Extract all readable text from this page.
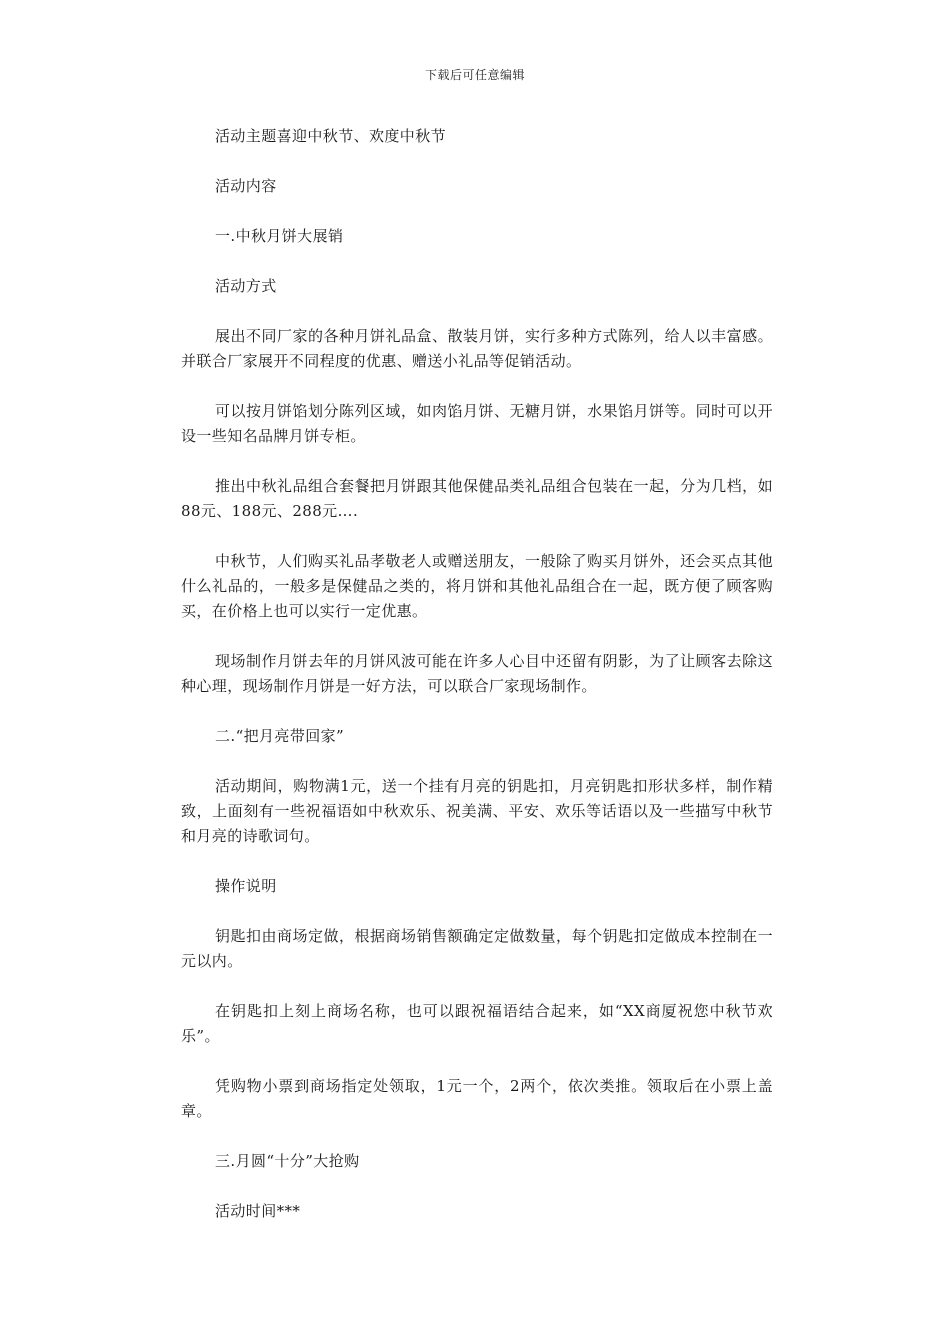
下载后可任意编辑

活动主题喜迎中秋节、欢度中秋节

活动内容

一.中秋月饼大展销

活动方式

展出不同厂家的各种月饼礼品盒、散装月饼，实行多种方式陈列，给人以丰富感。并联合厂家展开不同程度的优惠、赠送小礼品等促销活动。

可以按月饼馅划分陈列区域，如肉馅月饼、无糖月饼，水果馅月饼等。同时可以开设一些知名品牌月饼专柜。

推出中秋礼品组合套餐把月饼跟其他保健品类礼品组合包装在一起，分为几档，如88元、188元、288元….

中秋节，人们购买礼品孝敬老人或赠送朋友，一般除了购买月饼外，还会买点其他什么礼品的，一般多是保健品之类的，将月饼和其他礼品组合在一起，既方便了顾客购买，在价格上也可以实行一定优惠。

现场制作月饼去年的月饼风波可能在许多人心目中还留有阴影，为了让顾客去除这种心理，现场制作月饼是一好方法，可以联合厂家现场制作。

二.“把月亮带回家”

活动期间，购物满1元，送一个挂有月亮的钥匙扣，月亮钥匙扣形状多样，制作精致，上面刻有一些祝福语如中秋欢乐、祝美满、平安、欢乐等话语以及一些描写中秋节和月亮的诗歌词句。

操作说明

钥匙扣由商场定做，根据商场销售额确定定做数量，每个钥匙扣定做成本控制在一元以内。

在钥匙扣上刻上商场名称，也可以跟祝福语结合起来，如“XX商厦祝您中秋节欢乐”。

凭购物小票到商场指定处领取，1元一个，2两个，依次类推。领取后在小票上盖章。

三.月圆“十分”大抢购

活动时间***
